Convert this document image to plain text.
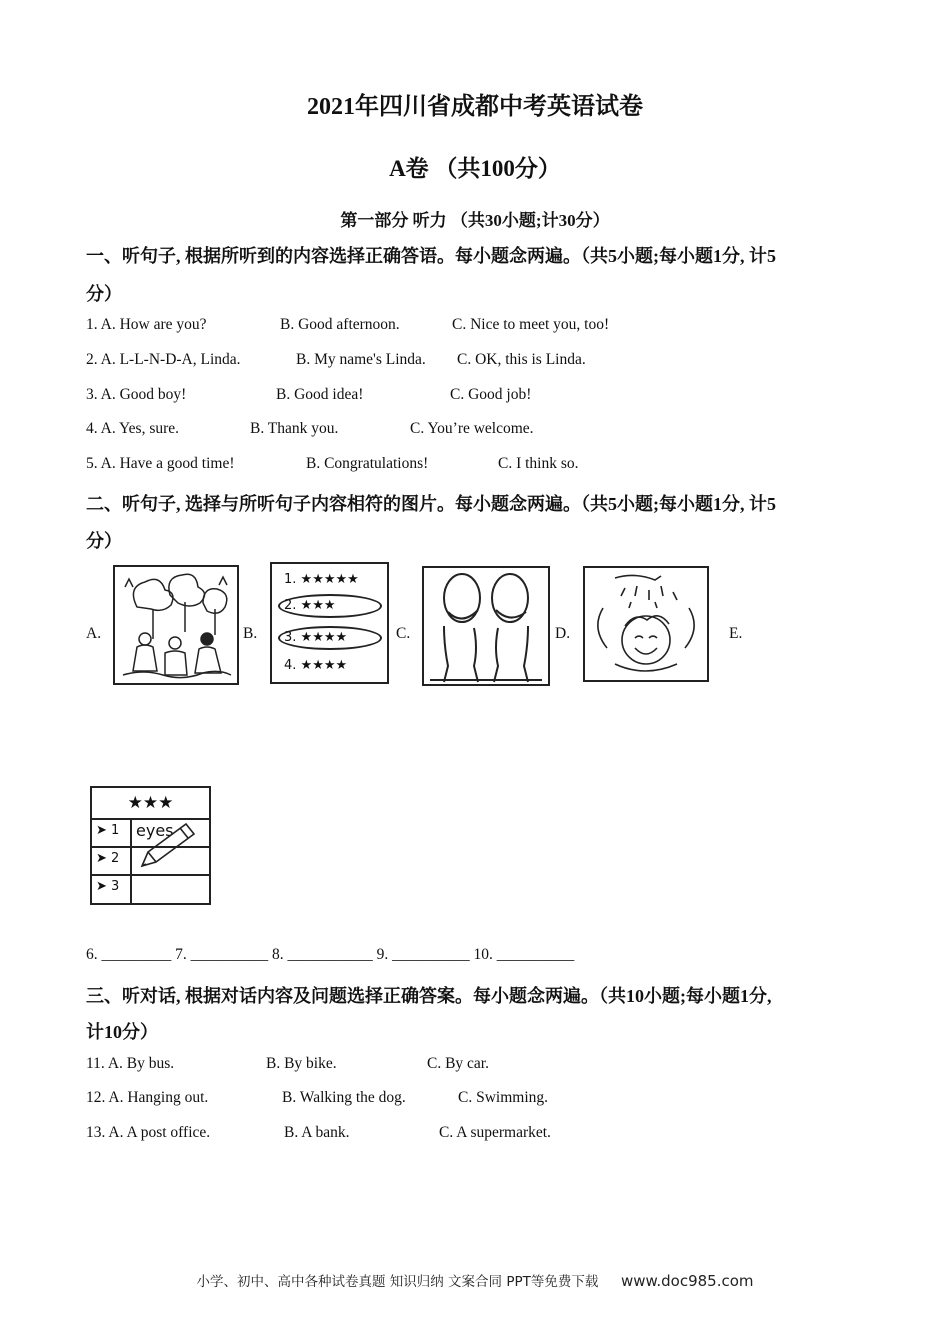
2021年四川省成都中考英语试卷
A卷 （共100分）
第一部分 听力 （共30小题;计30分）
一、听句子, 根据所听到的内容选择正确答语。每小题念两遍。（共5小题;每小题1分, 计5
分）
1. A. How are you?	B. Good afternoon.	C. Nice to meet you, too!
2. A. L-L-N-D-A, Linda.	B. My name's Linda. C. OK, this is Linda.
3. A. Good boy!	B. Good idea!	C. Good job!
4. A. Yes, sure.	B. Thank you.	C. You’re welcome.
5. A. Have a good time!	B. Congratulations!	C. I think so.
二、听句子, 选择与所听句子内容相符的图片。每小题念两遍。（共5小题;每小题1分, 计5
分）
A.	B.	C.	D.	E.
1. ★★★★★
2. ★★★
3. ★★★★
4. ★★★★
★★★
➤ 1
➤ 2
➤ 3
eyes
6. _________ 7. __________ 8. ___________ 9. __________ 10. __________
三、听对话, 根据对话内容及问题选择正确答案。每小题念两遍。（共10小题;每小题1分,
计10分）
11. A. By bus.	B. By bike.	C. By car.
12. A. Hanging out.	B. Walking the dog.	C. Swimming.
13. A. A post office.	B. A bank.	C. A supermarket.
小学、初中、高中各种试卷真题 知识归纳 文案合同 PPT等免费下载 www.doc985.com
